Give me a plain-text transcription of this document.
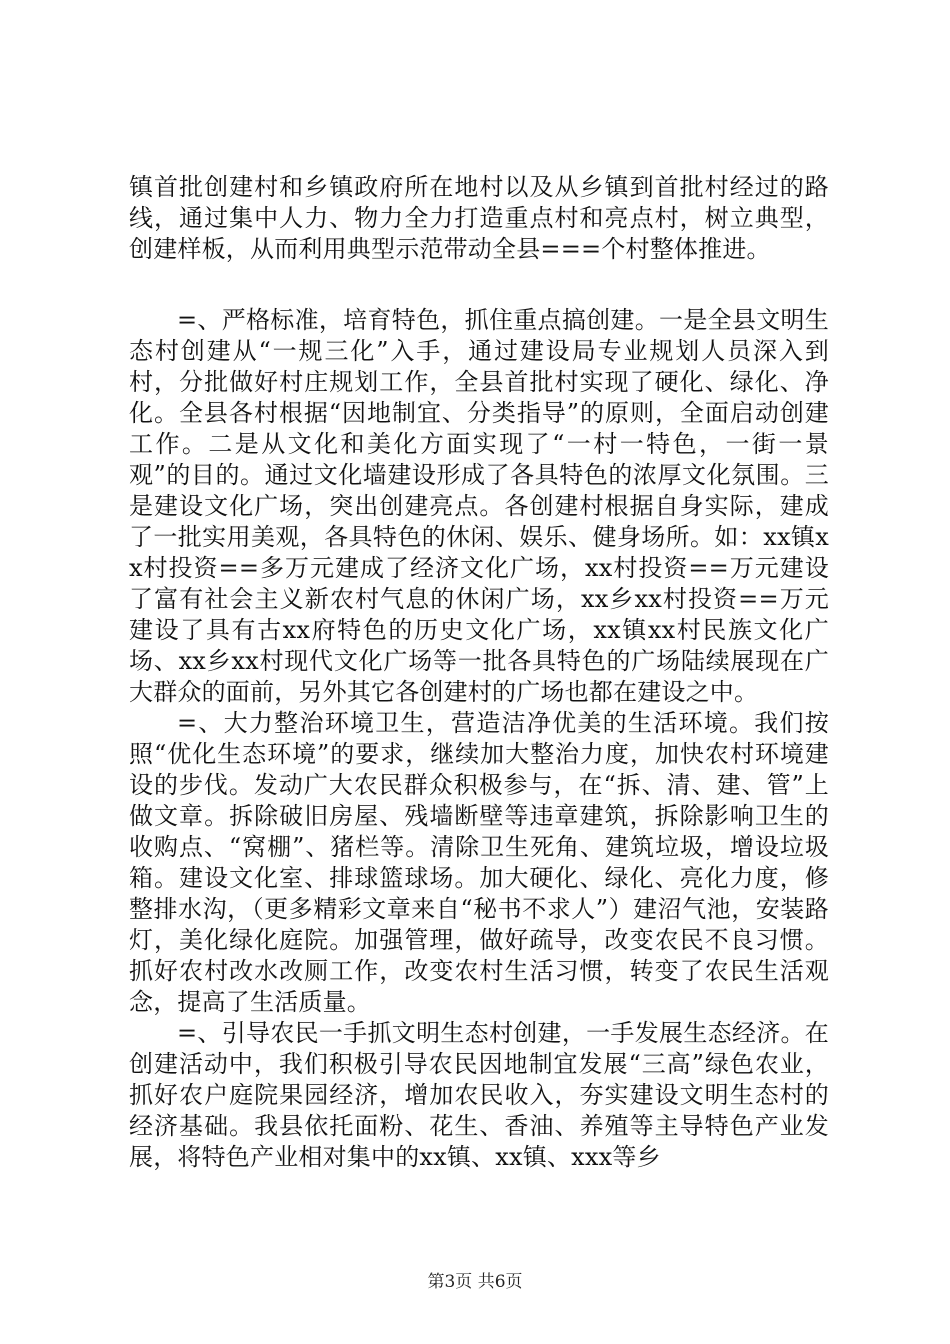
镇首批创建村和乡镇政府所在地村以及从乡镇到首批村经过的路线，通过集中人力、物力全力打造重点村和亮点村，树立典型，创建样板，从而利用典型示范带动全县===个村整体推进。

=、严格标准，培育特色，抓住重点搞创建。一是全县文明生态村创建从“一规三化”入手，通过建设局专业规划人员深入到村，分批做好村庄规划工作，全县首批村实现了硬化、绿化、净化。全县各村根据“因地制宜、分类指导”的原则，全面启动创建工作。二是从文化和美化方面实现了“一村一特色，一街一景观”的目的。通过文化墙建设形成了各具特色的浓厚文化氛围。三是建设文化广场，突出创建亮点。各创建村根据自身实际，建成了一批实用美观，各具特色的休闲、娱乐、健身场所。如：xx镇xx村投资==多万元建成了经济文化广场，xx村投资==万元建设了富有社会主义新农村气息的休闲广场，xx乡xx村投资==万元建设了具有古xx府特色的历史文化广场，xx镇xx村民族文化广场、xx乡xx村现代文化广场等一批各具特色的广场陆续展现在广大群众的面前，另外其它各创建村的广场也都在建设之中。

=、大力整治环境卫生，营造洁净优美的生活环境。我们按照“优化生态环境”的要求，继续加大整治力度，加快农村环境建设的步伐。发动广大农民群众积极参与，在“拆、清、建、管”上做文章。拆除破旧房屋、残墙断壁等违章建筑，拆除影响卫生的收购点、“窝棚”、猪栏等。清除卫生死角、建筑垃圾，增设垃圾箱。建设文化室、排球篮球场。加大硬化、绿化、亮化力度，修整排水沟，（更多精彩文章来自“秘书不求人”）建沼气池，安装路灯，美化绿化庭院。加强管理，做好疏导，改变农民不良习惯。抓好农村改水改厕工作，改变农村生活习惯，转变了农民生活观念，提高了生活质量。

=、引导农民一手抓文明生态村创建，一手发展生态经济。在创建活动中，我们积极引导农民因地制宜发展“三高”绿色农业，抓好农户庭院果园经济，增加农民收入，夯实建设文明生态村的经济基础。我县依托面粉、花生、香油、养殖等主导特色产业发展，将特色产业相对集中的xx镇、xx镇、xxx等乡

第3页 共6页
